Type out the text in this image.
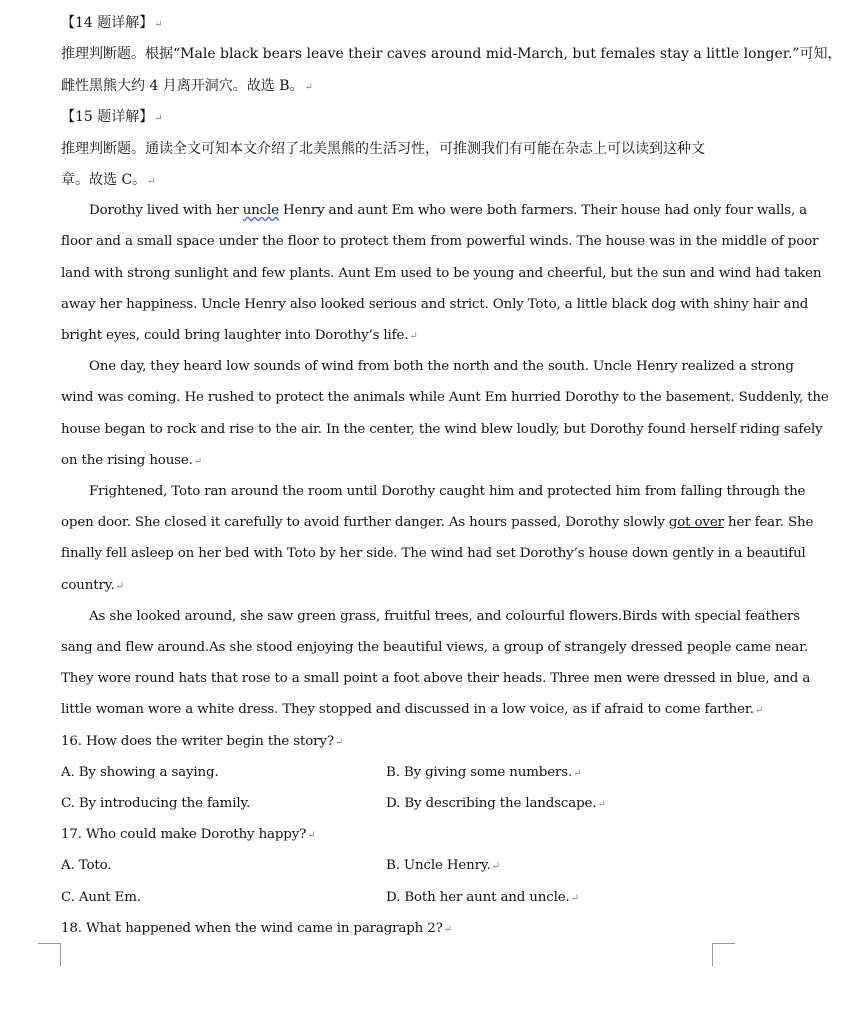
【14 题详解】↵
推理判断题。根据“Male black bears leave their caves around mid-March, but females stay a little longer.”可知，
雌性黑熊大约 4 月离开洞穴。故选 B。↵
【15 题详解】↵
推理判断题。通读全文可知本文介绍了北美黑熊的生活习性，可推测我们有可能在杂志上可以读到这种文
章。故选 C。↵
Dorothy lived with her uncle Henry and aunt Em who were both farmers. Their house had only four walls, a
floor and a small space under the floor to protect them from powerful winds. The house was in the middle of poor
land with strong sunlight and few plants. Aunt Em used to be young and cheerful, but the sun and wind had taken
away her happiness. Uncle Henry also looked serious and strict. Only Toto, a little black dog with shiny hair and
bright eyes, could bring laughter into Dorothy’s life.↵
One day, they heard low sounds of wind from both the north and the south. Uncle Henry realized a strong
wind was coming. He rushed to protect the animals while Aunt Em hurried Dorothy to the basement. Suddenly, the
house began to rock and rise to the air. In the center, the wind blew loudly, but Dorothy found herself riding safely
on the rising house.↵
Frightened, Toto ran around the room until Dorothy caught him and protected him from falling through the
open door. She closed it carefully to avoid further danger. As hours passed, Dorothy slowly got over her fear. She
finally fell asleep on her bed with Toto by her side. The wind had set Dorothy’s house down gently in a beautiful
country.↵
As she looked around, she saw green grass, fruitful trees, and colourful flowers.Birds with special feathers
sang and flew around.As she stood enjoying the beautiful views, a group of strangely dressed people came near.
They wore round hats that rose to a small point a foot above their heads. Three men were dressed in blue, and a
little woman wore a white dress. They stopped and discussed in a low voice, as if afraid to come farther.↵
16. How does the writer begin the story?↵
A. By showing a saying.	B. By giving some numbers.↵
C. By introducing the family.	D. By describing the landscape.↵
17. Who could make Dorothy happy?↵
A. Toto.	B. Uncle Henry.↵
C. Aunt Em.	D. Both her aunt and uncle.↵
18. What happened when the wind came in paragraph 2?↵
